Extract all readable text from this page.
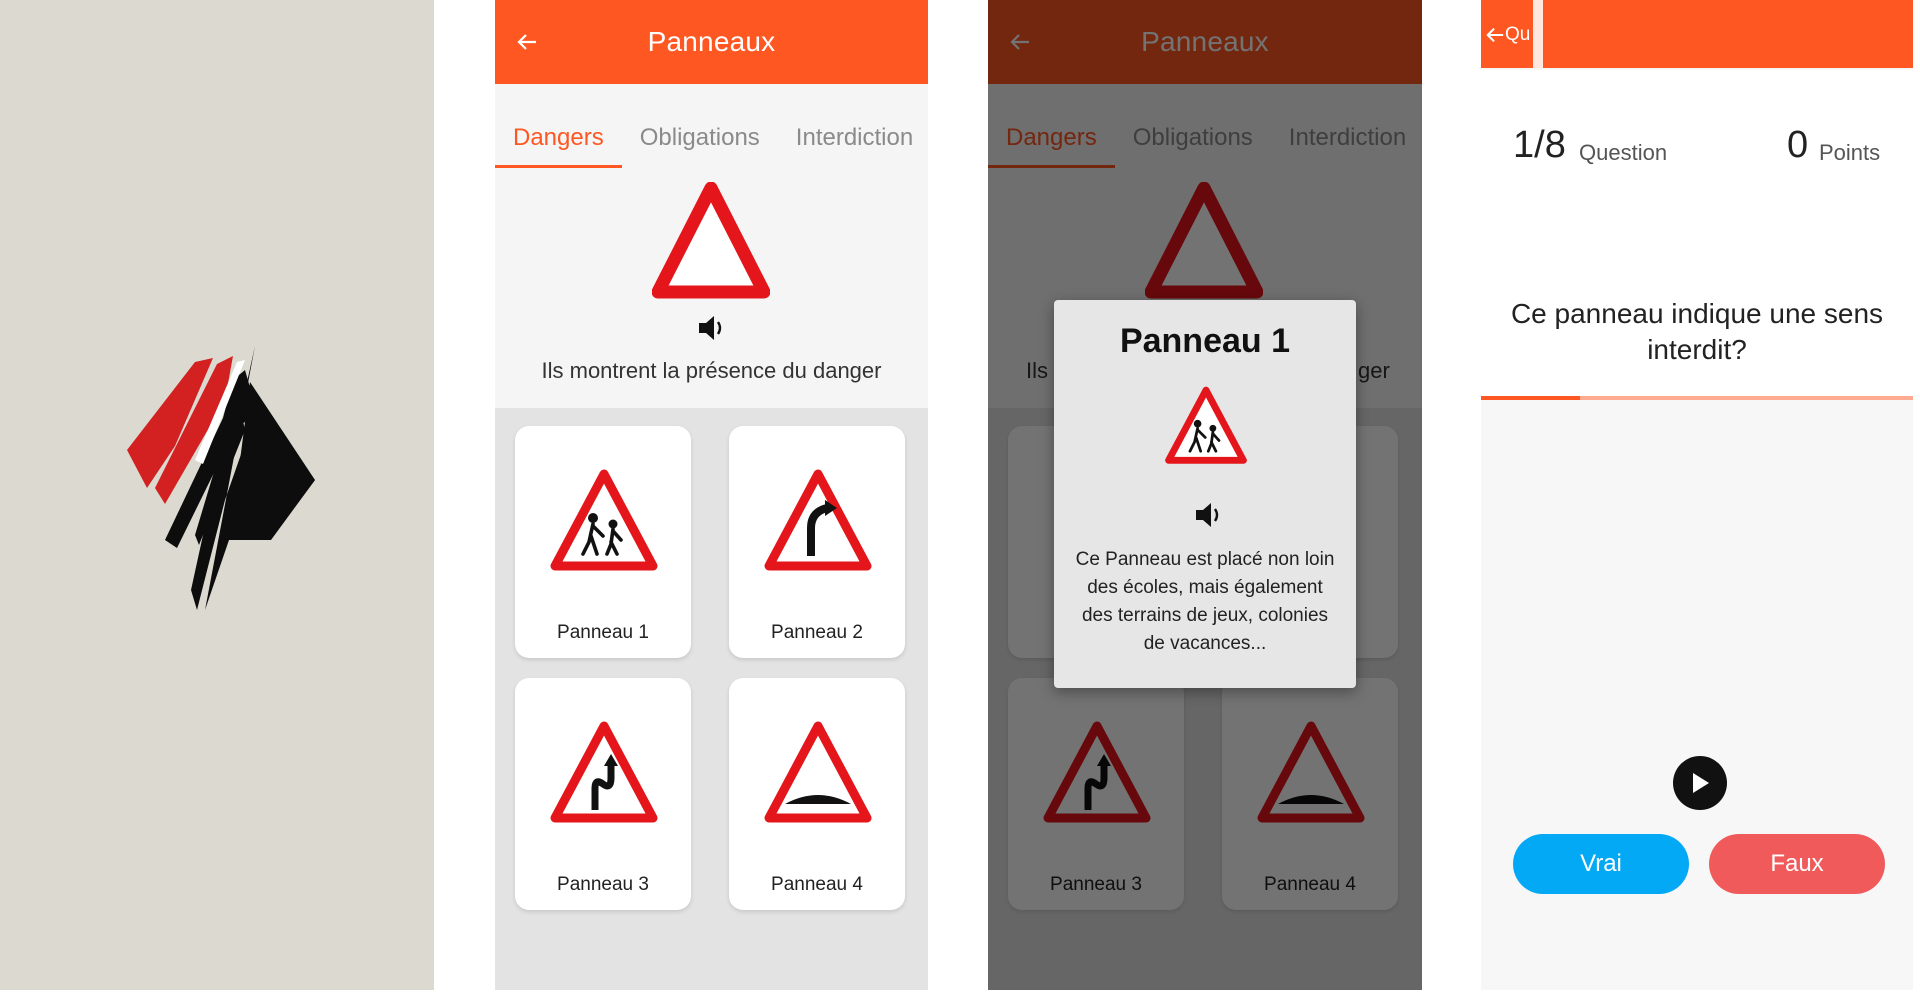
Panneaux
Dangers	Obligations	Interdiction
Ils montrent la présence du danger
Panneau 1	Panneau 2
Panneau 3	Panneau 4
Panneau 1
Ce Panneau est placé non loin des écoles, mais également des terrains de jeux, colonies de vacances...
Qu
1/8 Question	0 Points
Ce panneau indique une sens interdit?
Vrai	Faux
